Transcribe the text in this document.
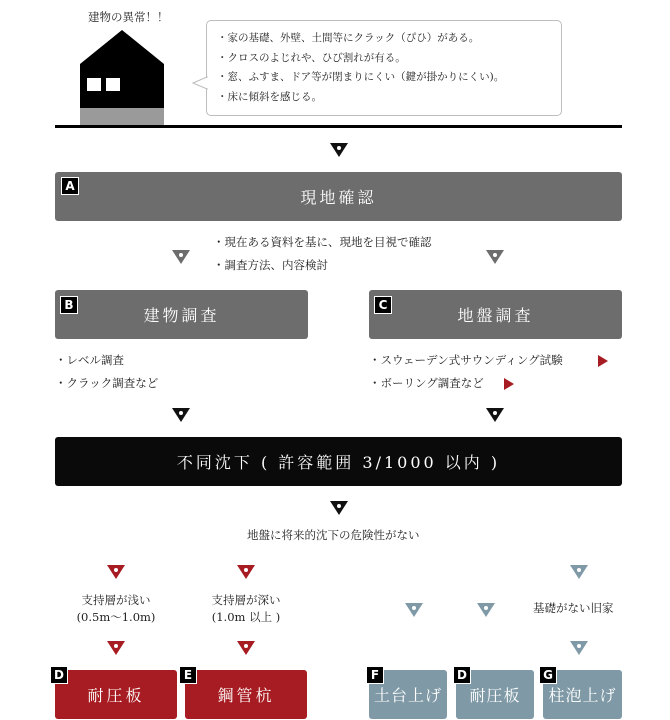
建物の異常！！
・家の基礎、外壁、土間等にクラック（ぴひ）がある。
・クロスのよじれや、ひび割れが有る。
・窓、ふすま、ドア等が閉まりにくい（鍵が掛かりにくい)。
・床に傾斜を感じる。
現地確認
A
・現在ある資料を基に、現地を目視で確認
・調査方法、内容検討
建物調査
B
・レベル調査
・クラック調査など
地盤調査
C
・スウェーデン式サウンディング試験
・ボーリング調査など
不同沈下 ( 許容範囲 3/1000 以内 )
地盤に将来的沈下の危険性がない
支持層が浅い
(0.5m～1.0m)
支持層が深い
(1.0m 以上 )
基礎がない旧家
耐圧板
D
鋼管杭
E
土台上げ
F
耐圧板
D
柱泡上げ
G
